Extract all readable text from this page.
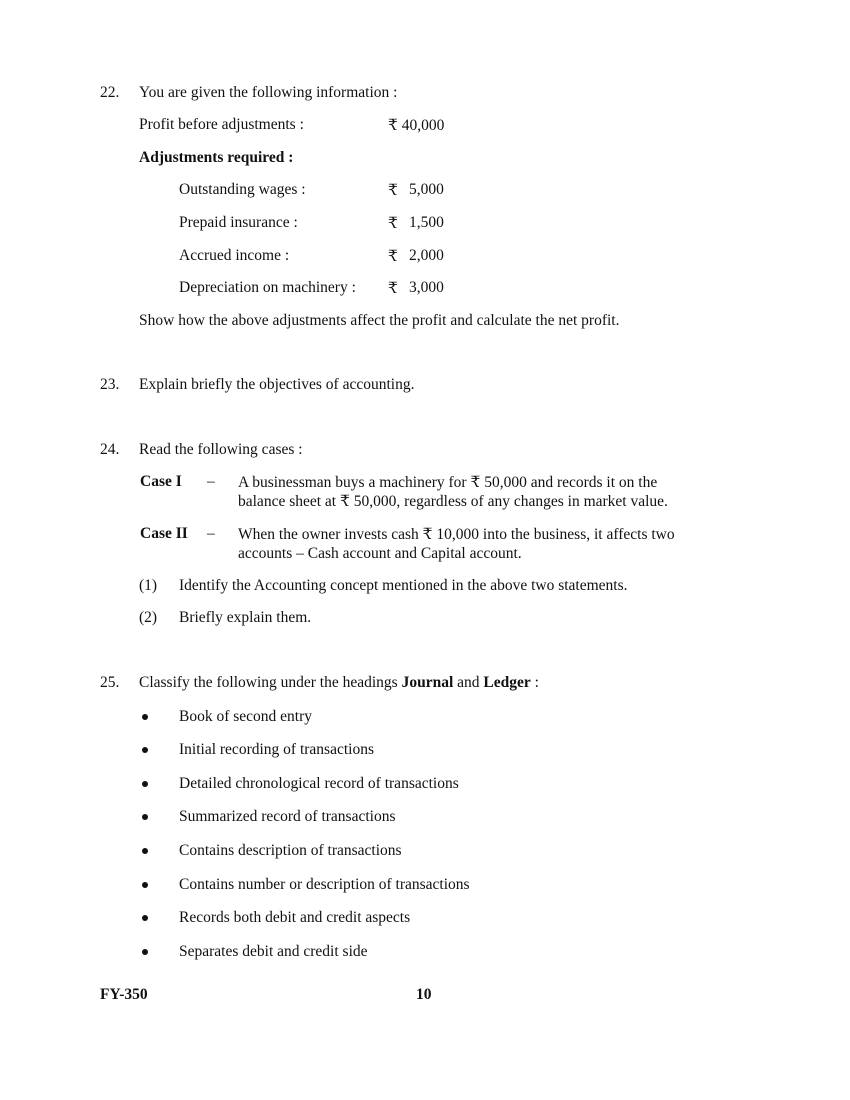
22. You are given the following information :
Profit before adjustments :	₹ 40,000
Adjustments required :
Outstanding wages :	₹ 5,000
Prepaid insurance :	₹ 1,500
Accrued income :	₹ 2,000
Depreciation on machinery : ₹ 3,000
Show how the above adjustments affect the profit and calculate the net profit.
23. Explain briefly the objectives of accounting.
24. Read the following cases :
Case I – A businessman buys a machinery for ₹ 50,000 and records it on the
balance sheet at ₹ 50,000, regardless of any changes in market value.
Case II – When the owner invests cash ₹ 10,000 into the business, it affects two
accounts – Cash account and Capital account.
(1) Identify the Accounting concept mentioned in the above two statements.
(2) Briefly explain them.
25. Classify the following under the headings Journal and Ledger :
Book of second entry
Initial recording of transactions
Detailed chronological record of transactions
Summarized record of transactions
Contains description of transactions
Contains number or description of transactions
Records both debit and credit aspects
Separates debit and credit side
FY-350	10
